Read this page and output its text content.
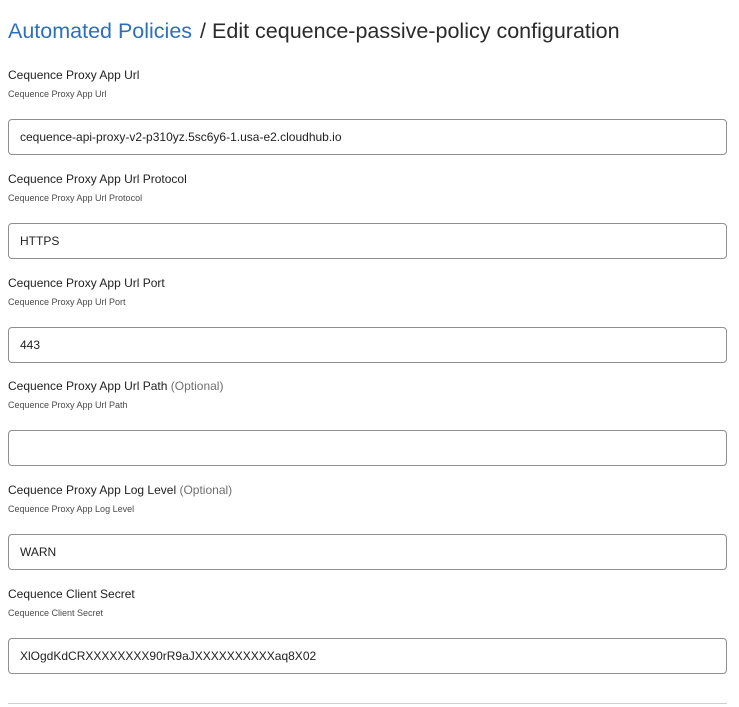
Automated Policies / Edit cequence-passive-policy configuration
Cequence Proxy App Url
Cequence Proxy App Url
cequence-api-proxy-v2-p310yz.5sc6y6-1.usa-e2.cloudhub.io
Cequence Proxy App Url Protocol
Cequence Proxy App Url Protocol
HTTPS
Cequence Proxy App Url Port
Cequence Proxy App Url Port
443
Cequence Proxy App Url Path (Optional)
Cequence Proxy App Url Path
Cequence Proxy App Log Level (Optional)
Cequence Proxy App Log Level
WARN
Cequence Client Secret
Cequence Client Secret
XlOgdKdCRXXXXXXXX90rR9aJXXXXXXXXXXaq8X02
